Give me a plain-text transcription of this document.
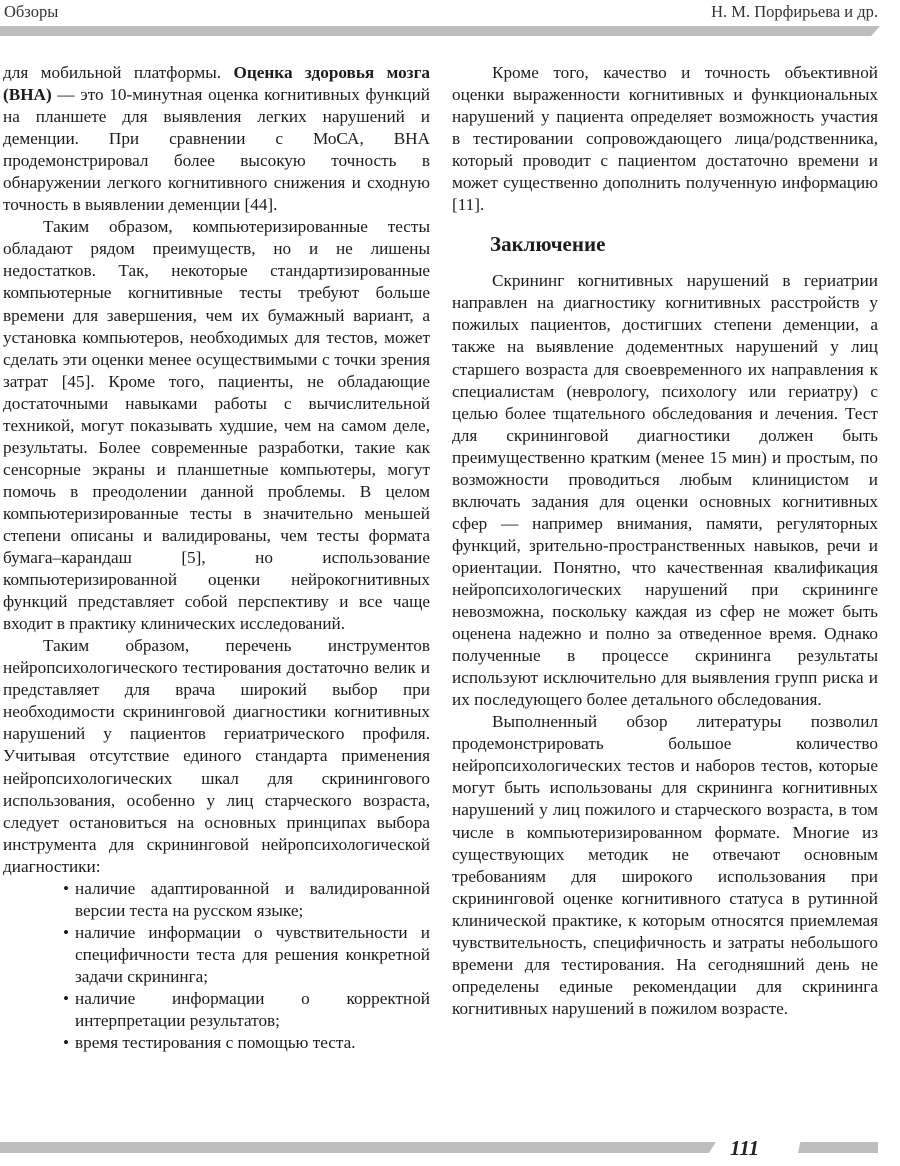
Обзоры	Н. М. Порфирьева и др.

для мобильной платформы. Оценка здоровья мозга (ВНА) — это 10-минутная оценка когнитивных функций на планшете для выявления легких нарушений и деменции. При сравнении с МоСА, ВНА продемонстрировал более высокую точность в обнаружении легкого когнитивного снижения и сходную точность в выявлении деменции [44].

Таким образом, компьютеризированные тесты обладают рядом преимуществ, но и не лишены недостатков. Так, некоторые стандартизированные компьютерные когнитивные тесты требуют больше времени для завершения, чем их бумажный вариант, а установка компьютеров, необходимых для тестов, может сделать эти оценки менее осуществимыми с точки зрения затрат [45]. Кроме того, пациенты, не обладающие достаточными навыками работы с вычислительной техникой, могут показывать худшие, чем на самом деле, результаты. Более современные разработки, такие как сенсорные экраны и планшетные компьютеры, могут помочь в преодолении данной проблемы. В целом компьютеризированные тесты в значительно меньшей степени описаны и валидированы, чем тесты формата бумага–карандаш [5], но использование компьютеризированной оценки нейрокогнитивных функций представляет собой перспективу и все чаще входит в практику клинических исследований.

Таким образом, перечень инструментов нейропсихологического тестирования достаточно велик и представляет для врача широкий выбор при необходимости скрининговой диагностики когнитивных нарушений у пациентов гериатрического профиля. Учитывая отсутствие единого стандарта применения нейропсихологических шкал для скринингового использования, особенно у лиц старческого возраста, следует остановиться на основных принципах выбора инструмента для скрининговой нейропсихологической диагностики:

• наличие адаптированной и валидированной версии теста на русском языке;
• наличие информации о чувствительности и специфичности теста для решения конкретной задачи скрининга;
• наличие информации о корректной интерпретации результатов;
• время тестирования с помощью теста.

Кроме того, качество и точность объективной оценки выраженности когнитивных и функциональных нарушений у пациента определяет возможность участия в тестировании сопровождающего лица/родственника, который проводит с пациентом достаточно времени и может существенно дополнить полученную информацию [11].

Заключение

Скрининг когнитивных нарушений в гериатрии направлен на диагностику когнитивных расстройств у пожилых пациентов, достигших степени деменции, а также на выявление додементных нарушений у лиц старшего возраста для своевременного их направления к специалистам (неврологу, психологу или гериатру) с целью более тщательного обследования и лечения. Тест для скрининговой диагностики должен быть преимущественно кратким (менее 15 мин) и простым, по возможности проводиться любым клиницистом и включать задания для оценки основных когнитивных сфер — например внимания, памяти, регуляторных функций, зрительно-пространственных навыков, речи и ориентации. Понятно, что качественная квалификация нейропсихологических нарушений при скрининге невозможна, поскольку каждая из сфер не может быть оценена надежно и полно за отведенное время. Однако полученные в процессе скрининга результаты используют исключительно для выявления групп риска и их последующего более детального обследования.

Выполненный обзор литературы позволил продемонстрировать большое количество нейропсихологических тестов и наборов тестов, которые могут быть использованы для скрининга когнитивных нарушений у лиц пожилого и старческого возраста, в том числе в компьютеризированном формате. Многие из существующих методик не отвечают основным требованиям для широкого использования при скрининговой оценке когнитивного статуса в рутинной клинической практике, к которым относятся приемлемая чувствительность, специфичность и затраты небольшого времени для тестирования. На сегодняшний день не определены единые рекомендации для скрининга когнитивных нарушений в пожилом возрасте.

111
